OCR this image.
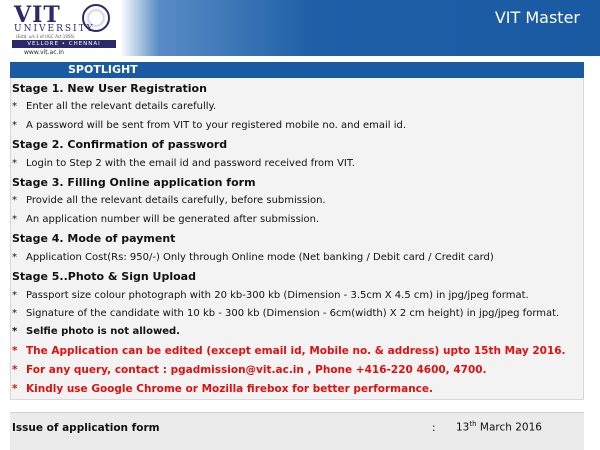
VIT
UNIVERSITY
(Estd. u/s 3 of UGC Act 1956)
VELLORE • CHENNAI
www.vit.ac.in
VIT Master
SPOTLIGHT
Stage 1. New User Registration
* Enter all the relevant details carefully.
* A password will be sent from VIT to your registered mobile no. and email id.
Stage 2. Confirmation of password
* Login to Step 2 with the email id and password received from VIT.
Stage 3. Filling Online application form
* Provide all the relevant details carefully, before submission.
* An application number will be generated after submission.
Stage 4. Mode of payment
* Application Cost(Rs: 950/-) Only through Online mode (Net banking / Debit card / Credit card)
Stage 5..Photo & Sign Upload
* Passport size colour photograph with 20 kb-300 kb (Dimension - 3.5cm X 4.5 cm) in jpg/jpeg format.
* Signature of the candidate with 10 kb - 300 kb (Dimension - 6cm(width) X 2 cm height) in jpg/jpeg format.
* Selfie photo is not allowed.
* The Application can be edited (except email id, Mobile no. & address) upto 15th May 2016.
* For any query, contact : pgadmission@vit.ac.in , Phone +416-220 4600, 4700.
* Kindly use Google Chrome or Mozilla firebox for better performance.
Issue of application form	: 13th March 2016
